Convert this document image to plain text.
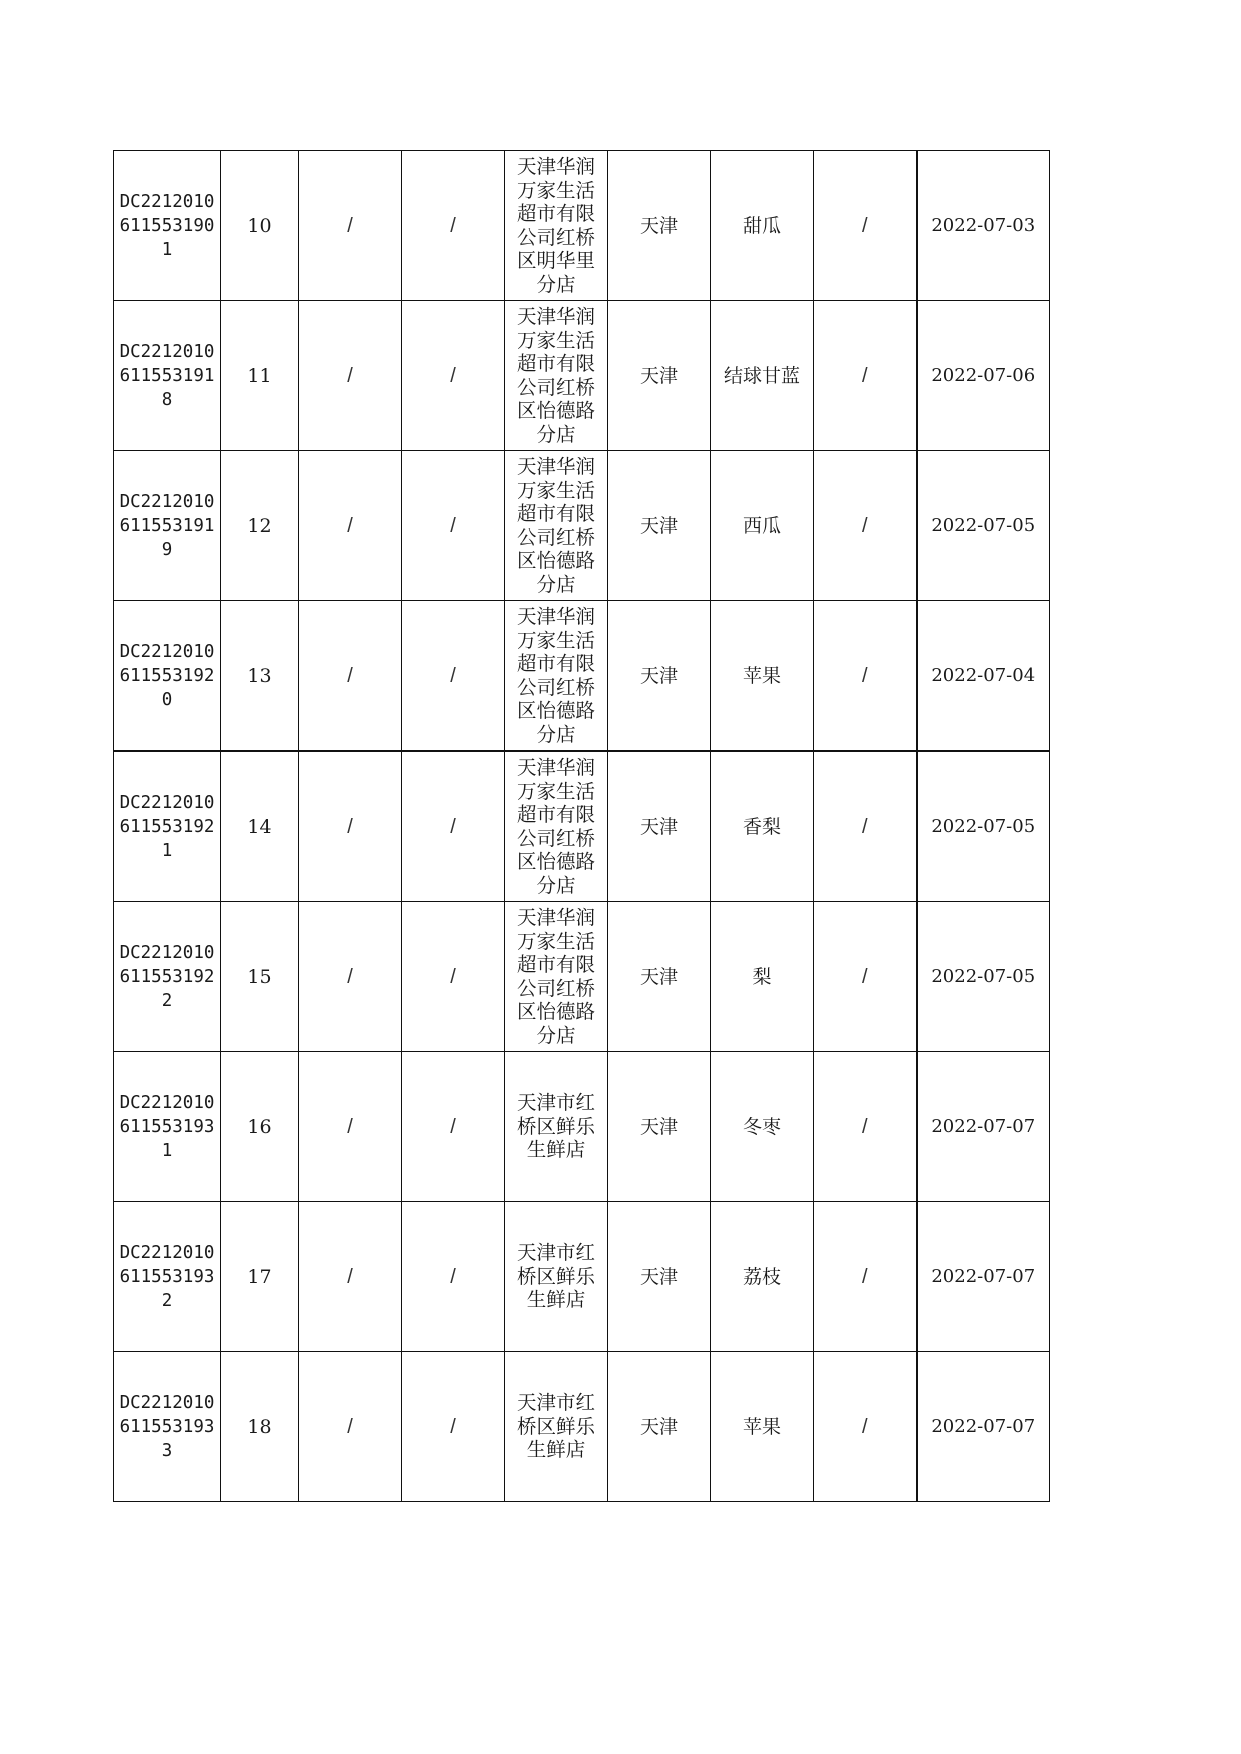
DC22120106115531901	10	/	/	天津华润万家生活超市有限公司红桥区明华里分店	天津	甜瓜	/	2022-07-03
DC22120106115531918	11	/	/	天津华润万家生活超市有限公司红桥区怡德路分店	天津	结球甘蓝	/	2022-07-06
DC22120106115531919	12	/	/	天津华润万家生活超市有限公司红桥区怡德路分店	天津	西瓜	/	2022-07-05
DC22120106115531920	13	/	/	天津华润万家生活超市有限公司红桥区怡德路分店	天津	苹果	/	2022-07-04
DC22120106115531921	14	/	/	天津华润万家生活超市有限公司红桥区怡德路分店	天津	香梨	/	2022-07-05
DC22120106115531922	15	/	/	天津华润万家生活超市有限公司红桥区怡德路分店	天津	梨	/	2022-07-05
DC22120106115531931	16	/	/	天津市红桥区鲜乐生鲜店	天津	冬枣	/	2022-07-07
DC22120106115531932	17	/	/	天津市红桥区鲜乐生鲜店	天津	荔枝	/	2022-07-07
DC22120106115531933	18	/	/	天津市红桥区鲜乐生鲜店	天津	苹果	/	2022-07-07
